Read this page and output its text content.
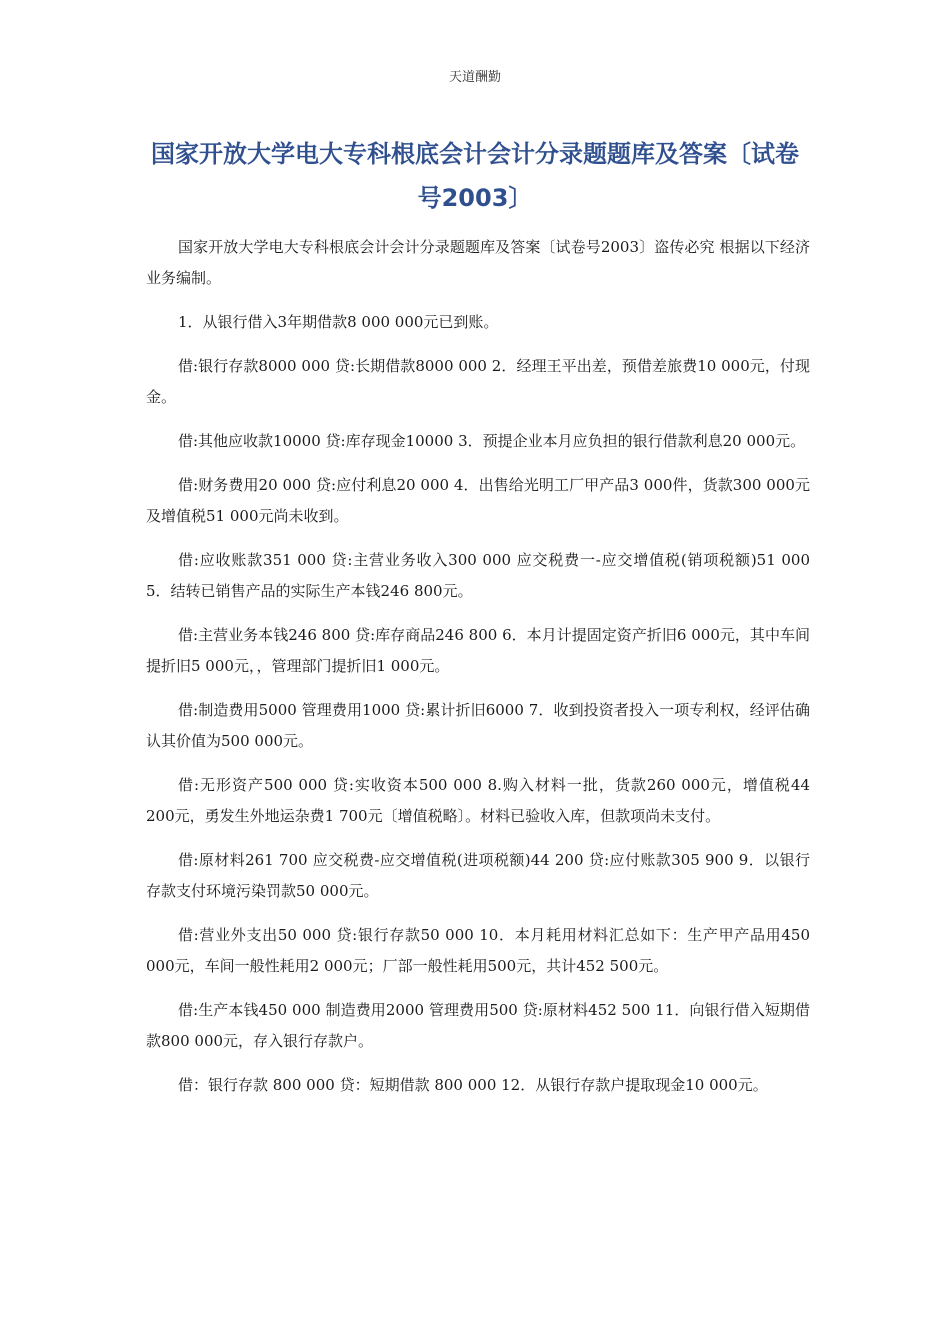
天道酬勤
国家开放大学电大专科根底会计会计分录题题库及答案〔试卷号2003〕

国家开放大学电大专科根底会计会计分录题题库及答案〔试卷号2003〕盗传必究 根据以下经济业务编制。

1．从银行借入3年期借款8 000 000元已到账。

借:银行存款8000 000 贷:长期借款8000 000 2．经理王平出差，预借差旅费10 000元，付现金。

借:其他应收款10000 贷:库存现金10000 3．预提企业本月应负担的银行借款利息20 000元。

借:财务费用20 000 贷:应付利息20 000 4．出售给光明工厂甲产品3 000件，货款300 000元及增值税51 000元尚未收到。

借:应收账款351 000 贷:主营业务收入300 000 应交税费一-应交增值税(销项税额)51 000 5．结转已销售产品的实际生产本钱246 800元。

借:主营业务本钱246 800 贷:库存商品246 800 6．本月计提固定资产折旧6 000元，其中车间提折旧5 000元，，管理部门提折旧1 000元。

借:制造费用5000 管理费用1000 贷:累计折旧6000 7．收到投资者投入一项专利权，经评估确认其价值为500 000元。

借:无形资产500 000 贷:实收资本500 000 8.购入材料一批，货款260 000元，增值税44 200元，勇发生外地运杂费1 700元〔增值税略〕。材料已验收入库，但款项尚未支付。

借:原材料261 700 应交税费-应交增值税(进项税额)44 200 贷:应付账款305 900 9．以银行存款支付环境污染罚款50 000元。

借:营业外支出50 000 贷:银行存款50 000 10．本月耗用材料汇总如下：生产甲产品用450 000元，车间一般性耗用2 000元；厂部一般性耗用500元，共计452 500元。

借:生产本钱450 000 制造费用2000 管理费用500 贷:原材料452 500 11．向银行借入短期借款800 000元，存入银行存款户。

借：银行存款 800 000 贷：短期借款 800 000 12．从银行存款户提取现金10 000元。
